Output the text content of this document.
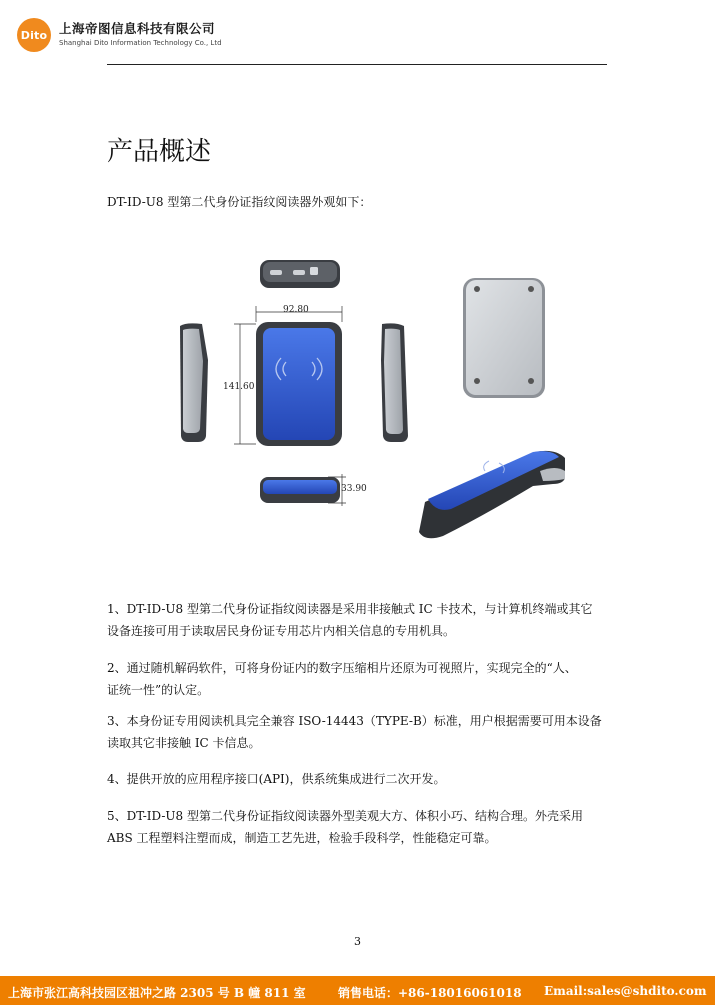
Dito 上海帝图信息科技有限公司
Shanghai Dito Information Technology Co., Ltd
产品概述
DT-ID-U8 型第二代身份证指纹阅读器外观如下：
92.80
141.60
33.90
1、DT-ID-U8 型第二代身份证指纹阅读器是采用非接触式 IC 卡技术，与计算机终端或其它
设备连接可用于读取居民身份证专用芯片内相关信息的专用机具。
2、通过随机解码软件，可将身份证内的数字压缩相片还原为可视照片，实现完全的“人、
证统一性”的认定。
3、本身份证专用阅读机具完全兼容 ISO-14443（TYPE-B）标准，用户根据需要可用本设备
读取其它非接触 IC 卡信息。
4、提供开放的应用程序接口(API)，供系统集成进行二次开发。
5、DT-ID-U8 型第二代身份证指纹阅读器外型美观大方、体积小巧、结构合理。外壳采用
ABS 工程塑料注塑而成，制造工艺先进，检验手段科学，性能稳定可靠。
3
上海市张江高科技园区祖冲之路 2305 号 B 幢 811 室	销售电话：+86-18016061018 Email:sales@shdito.com
